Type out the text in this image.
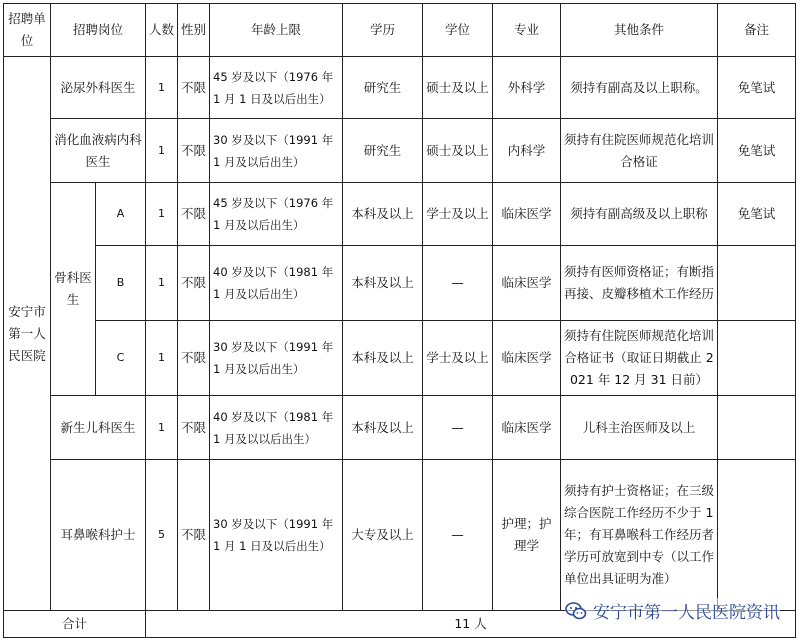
招聘单位	招聘岗位		人数	性别	年龄上限	学历	学位	专业	其他条件	备注
安宁市第一人民医院	泌尿外科医生		1	不限	45 岁及以下（1976 年 1 月 1 日及以后出生）	研究生	硕士及以上	外科学	须持有副高及以上职称。	免笔试
	消化血液病内科医生		1	不限	30 岁及以下（1991 年 1 月及以后出生）	研究生	硕士及以上	内科学	须持有住院医师规范化培训合格证	免笔试
	骨科医生	A	1	不限	45 岁及以下（1976 年 1 月及以后出生）	本科及以上	学士及以上	临床医学	须持有副高级及以上职称	免笔试
		B	1	不限	40 岁及以下（1981 年 1 月及以后出生）	本科及以上	—	临床医学	须持有医师资格证；有断指再接、皮瓣移植术工作经历	
		C	1	不限	30 岁及以下（1991 年 1 月及以后出生）	本科及以上	学士及以上	临床医学	须持有住院医师规范化培训合格证书（取证日期截止 2021 年 12 月 31 日前）	
	新生儿科医生		1	不限	40 岁及以下（1981 年 1 月及以以后出生）	本科及以上	—	临床医学	儿科主治医师及以上	
	耳鼻喉科护士		5	不限	30 岁及以下（1991 年 1 月 1 日及以后出生）	大专及以上	—	护理；护理学	须持有护士资格证；在三级综合医院工作经历不少于 1 年；有耳鼻喉科工作经历者学历可放宽到中专（以工作单位出具证明为准）	
合计			11 人							
安宁市第一人民医院资讯
